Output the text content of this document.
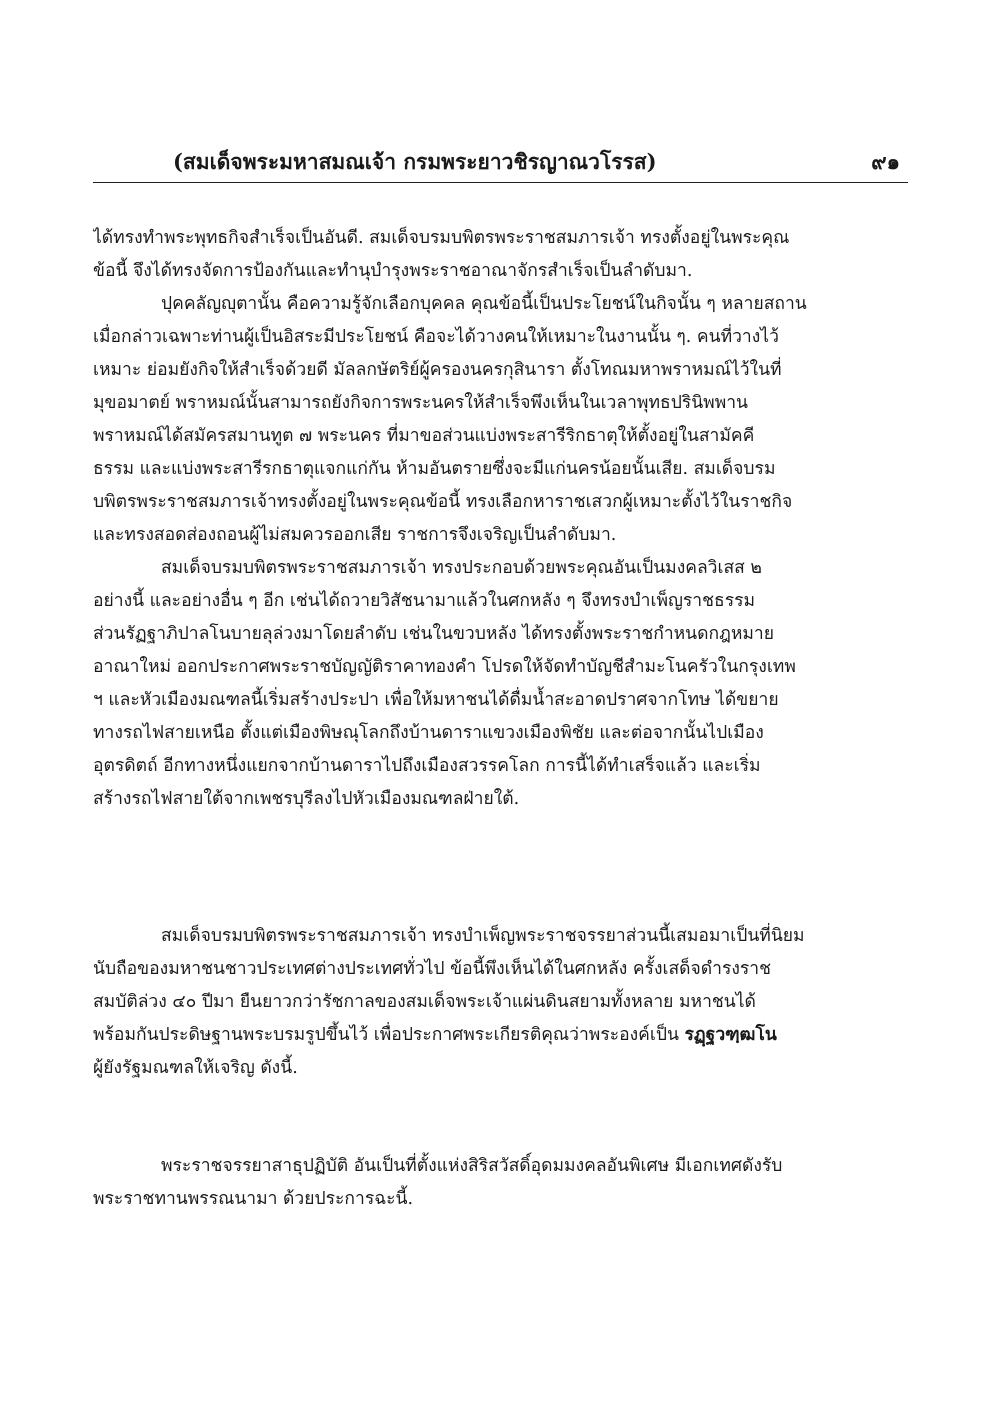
(สมเด็จพระมหาสมณเจ้า กรมพระยาวชิรญาณวโรรส)	๙๑
ได้ทรงทำพระพุทธกิจสำเร็จเป็นอันดี. สมเด็จบรมบพิตรพระราชสมภารเจ้า ทรงตั้งอยู่ในพระคุณ
ข้อนี้ จึงได้ทรงจัดการป้องกันและทำนุบำรุงพระราชอาณาจักรสำเร็จเป็นลำดับมา.
ปุคคลัญญุตานั้น คือความรู้จักเลือกบุคคล คุณข้อนี้เป็นประโยชน์ในกิจนั้น ๆ หลายสถาน
เมื่อกล่าวเฉพาะท่านผู้เป็นอิสระมีประโยชน์ คือจะได้วางคนให้เหมาะในงานนั้น ๆ. คนที่วางไว้
เหมาะ ย่อมยังกิจให้สำเร็จด้วยดี มัลลกษัตริย์ผู้ครองนครกุสินารา ตั้งโทณมหาพราหมณ์ไว้ในที่
มุขอมาตย์ พราหมณ์นั้นสามารถยังกิจการพระนครให้สำเร็จพึงเห็นในเวลาพุทธปรินิพพาน
พราหมณ์ได้สมัครสมานทูต ๗ พระนคร ที่มาขอส่วนแบ่งพระสารีริกธาตุให้ตั้งอยู่ในสามัคคี
ธรรม และแบ่งพระสารีรกธาตุแจกแก่กัน ห้ามอันตรายซึ่งจะมีแก่นครน้อยนั้นเสีย. สมเด็จบรม
บพิตรพระราชสมภารเจ้าทรงตั้งอยู่ในพระคุณข้อนี้ ทรงเลือกหาราชเสวกผู้เหมาะตั้งไว้ในราชกิจ
และทรงสอดส่องถอนผู้ไม่สมควรออกเสีย ราชการจึงเจริญเป็นลำดับมา.
สมเด็จบรมบพิตรพระราชสมภารเจ้า ทรงประกอบด้วยพระคุณอันเป็นมงคลวิเสส ๒
อย่างนี้ และอย่างอื่น ๆ อีก เช่นได้ถวายวิสัชนามาแล้วในศกหลัง ๆ จึงทรงบำเพ็ญราชธรรม
ส่วนรัฏฐาภิปาลโนบายลุล่วงมาโดยลำดับ เช่นในขวบหลัง ได้ทรงตั้งพระราชกำหนดกฎหมาย
อาณาใหม่ ออกประกาศพระราชบัญญัติราคาทองคำ โปรดให้จัดทำบัญชีสำมะโนครัวในกรุงเทพ
ฯ และหัวเมืองมณฑลนี้เริ่มสร้างประปา เพื่อให้มหาชนได้ดื่มน้ำสะอาดปราศจากโทษ ได้ขยาย
ทางรถไฟสายเหนือ ตั้งแต่เมืองพิษณุโลกถึงบ้านดาราแขวงเมืองพิชัย และต่อจากนั้นไปเมือง
อุตรดิตถ์ อีกทางหนึ่งแยกจากบ้านดาราไปถึงเมืองสวรรคโลก การนี้ได้ทำเสร็จแล้ว และเริ่ม
สร้างรถไฟสายใต้จากเพชรบุรีลงไปหัวเมืองมณฑลฝ่ายใต้.
สมเด็จบรมบพิตรพระราชสมภารเจ้า ทรงบำเพ็ญพระราชจรรยาส่วนนี้เสมอมาเป็นที่นิยม
นับถือของมหาชนชาวประเทศต่างประเทศทั่วไป ข้อนี้พึงเห็นได้ในศกหลัง ครั้งเสด็จดำรงราช
สมบัติล่วง ๔๐ ปีมา ยืนยาวกว่ารัชกาลของสมเด็จพระเจ้าแผ่นดินสยามทั้งหลาย มหาชนได้
พร้อมกันประดิษฐานพระบรมรูปขึ้นไว้ เพื่อประกาศพระเกียรติคุณว่าพระองค์เป็น รฏฺฐวฑฺฒโน
ผู้ยังรัฐมณฑลให้เจริญ ดังนี้.
พระราชจรรยาสาธุปฏิบัติ อันเป็นที่ตั้งแห่งสิริสวัสดิ์อุดมมงคลอันพิเศษ มีเอกเทศดังรับ
พระราชทานพรรณนามา ด้วยประการฉะนี้.
